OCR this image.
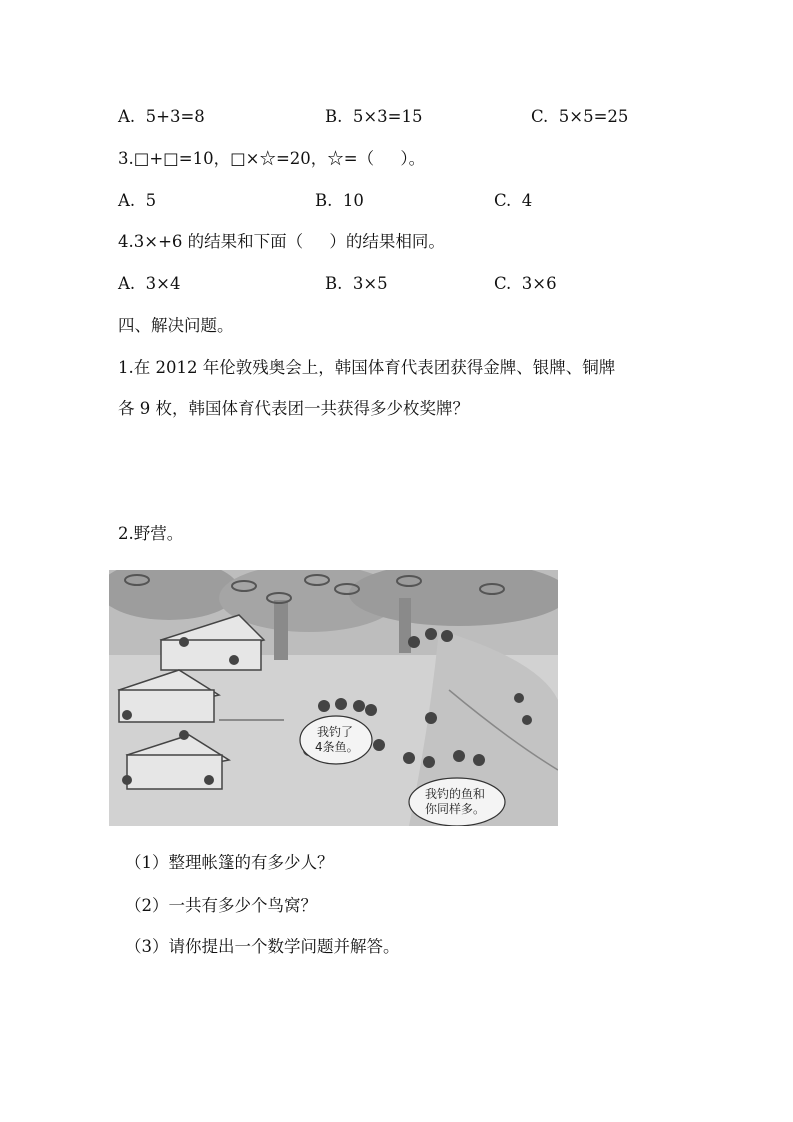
A.  5+3=8	B.  5×3=15	C.  5×5=25
3.□+□=10，□×☆=20，☆=（     ）。
A.  5	B.  10	C.  4
4.3×+6 的结果和下面（     ）的结果相同。
A.  3×4	B.  3×5	C.  3×6
四、解决问题。
1.在 2012 年伦敦残奥会上，韩国体育代表团获得金牌、银牌、铜牌
各 9 枚，韩国体育代表团一共获得多少枚奖牌？
2.野营。
我钓了
4条鱼。
我钓的鱼和
你同样多。
（1）整理帐篷的有多少人？
（2）一共有多少个鸟窝？
（3）请你提出一个数学问题并解答。
